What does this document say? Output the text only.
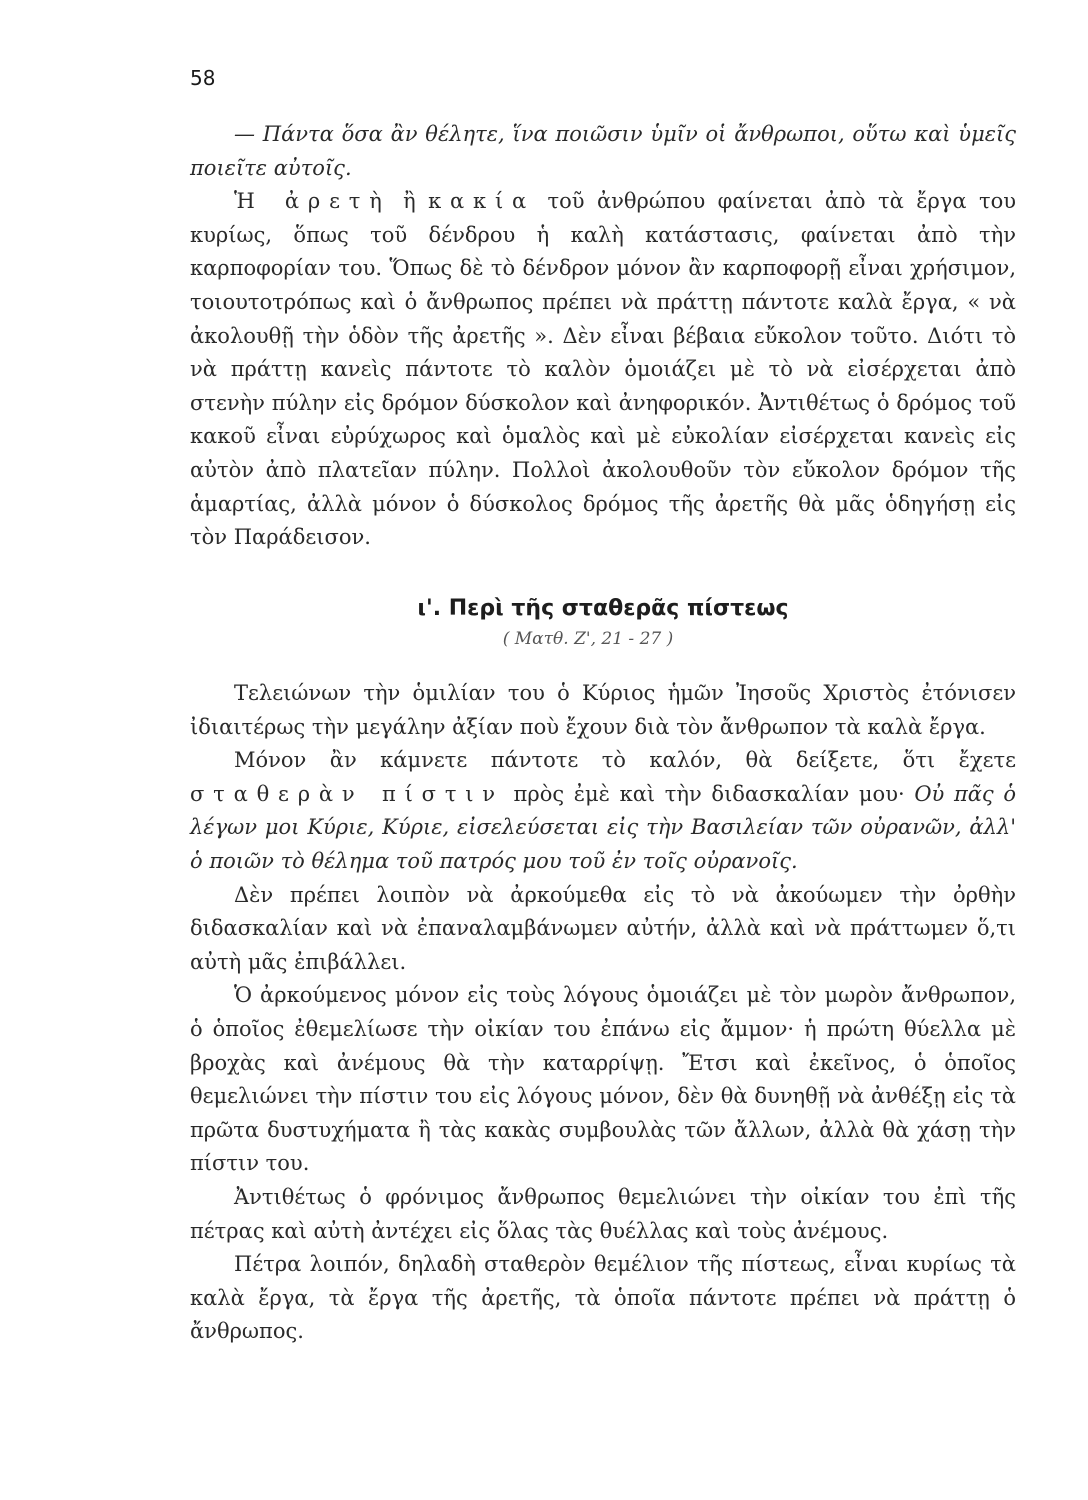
58

— Πάντα ὅσα ἂν θέλητε, ἵνα ποιῶσιν ὑμῖν οἱ ἄνθρωποι, οὕτω καὶ ὑμεῖς ποιεῖτε αὐτοῖς.

Ἡ ἀρετὴ ἢ κακία τοῦ ἀνθρώπου φαίνεται ἀπὸ τὰ ἔργα του κυρίως, ὅπως τοῦ δένδρου ἡ καλὴ κατάστασις, φαίνεται ἀπὸ τὴν καρποφορίαν του. Ὅπως δὲ τὸ δένδρον μόνον ἂν καρποφορῇ εἶναι χρήσιμον, τοιουτοτρόπως καὶ ὁ ἄνθρωπος πρέπει νὰ πράττῃ πάντοτε καλὰ ἔργα, « νὰ ἀκολουθῇ τὴν ὁδὸν τῆς ἀρετῆς ». Δὲν εἶναι βέβαια εὔκολον τοῦτο. Διότι τὸ νὰ πράττῃ κανεὶς πάντοτε τὸ καλὸν ὁμοιάζει μὲ τὸ νὰ εἰσέρχεται ἀπὸ στενὴν πύλην εἰς δρόμον δύσκολον καὶ ἀνηφορικόν. Ἀντιθέτως ὁ δρόμος τοῦ κακοῦ εἶναι εὐρύχωρος καὶ ὁμαλὸς καὶ μὲ εὐκολίαν εἰσέρχεται κανεὶς εἰς αὐτὸν ἀπὸ πλατεῖαν πύλην. Πολλοὶ ἀκολουθοῦν τὸν εὔκολον δρόμον τῆς ἁμαρτίας, ἀλλὰ μόνον ὁ δύσκολος δρόμος τῆς ἀρετῆς θὰ μᾶς ὁδηγήσῃ εἰς τὸν Παράδεισον.

ι'. Περὶ τῆς σταθερᾶς πίστεως

( Ματθ. Ζ', 21 - 27 )

Τελειώνων τὴν ὁμιλίαν του ὁ Κύριος ἡμῶν Ἰησοῦς Χριστὸς ἐτόνισεν ἰδιαιτέρως τὴν μεγάλην ἀξίαν ποὺ ἔχουν διὰ τὸν ἄνθρωπον τὰ καλὰ ἔργα.

Μόνον ἂν κάμνετε πάντοτε τὸ καλόν, θὰ δείξετε, ὅτι ἔχετε σταθερὰν πίστιν πρὸς ἐμὲ καὶ τὴν διδασκαλίαν μου· Οὐ πᾶς ὁ λέγων μοι Κύριε, Κύριε, εἰσελεύσεται εἰς τὴν Βασιλείαν τῶν οὐρανῶν, ἀλλ' ὁ ποιῶν τὸ θέλημα τοῦ πατρός μου τοῦ ἐν τοῖς οὐρανοῖς.

Δὲν πρέπει λοιπὸν νὰ ἀρκούμεθα εἰς τὸ νὰ ἀκούωμεν τὴν ὀρθὴν διδασκαλίαν καὶ νὰ ἐπαναλαμβάνωμεν αὐτήν, ἀλλὰ καὶ νὰ πράττωμεν ὅ,τι αὐτὴ μᾶς ἐπιβάλλει.

Ὁ ἀρκούμενος μόνον εἰς τοὺς λόγους ὁμοιάζει μὲ τὸν μωρὸν ἄνθρωπον, ὁ ὁποῖος ἐθεμελίωσε τὴν οἰκίαν του ἐπάνω εἰς ἄμμον· ἡ πρώτη θύελλα μὲ βροχὰς καὶ ἀνέμους θὰ τὴν καταρρίψῃ. Ἔτσι καὶ ἐκεῖνος, ὁ ὁποῖος θεμελιώνει τὴν πίστιν του εἰς λόγους μόνον, δὲν θὰ δυνηθῇ νὰ ἀνθέξῃ εἰς τὰ πρῶτα δυστυχήματα ἢ τὰς κακὰς συμβουλὰς τῶν ἄλλων, ἀλλὰ θὰ χάσῃ τὴν πίστιν του.

Ἀντιθέτως ὁ φρόνιμος ἄνθρωπος θεμελιώνει τὴν οἰκίαν του ἐπὶ τῆς πέτρας καὶ αὐτὴ ἀντέχει εἰς ὅλας τὰς θυέλλας καὶ τοὺς ἀνέμους.

Πέτρα λοιπόν, δηλαδὴ σταθερὸν θεμέλιον τῆς πίστεως, εἶναι κυρίως τὰ καλὰ ἔργα, τὰ ἔργα τῆς ἀρετῆς, τὰ ὁποῖα πάντοτε πρέπει νὰ πράττῃ ὁ ἄνθρωπος.
